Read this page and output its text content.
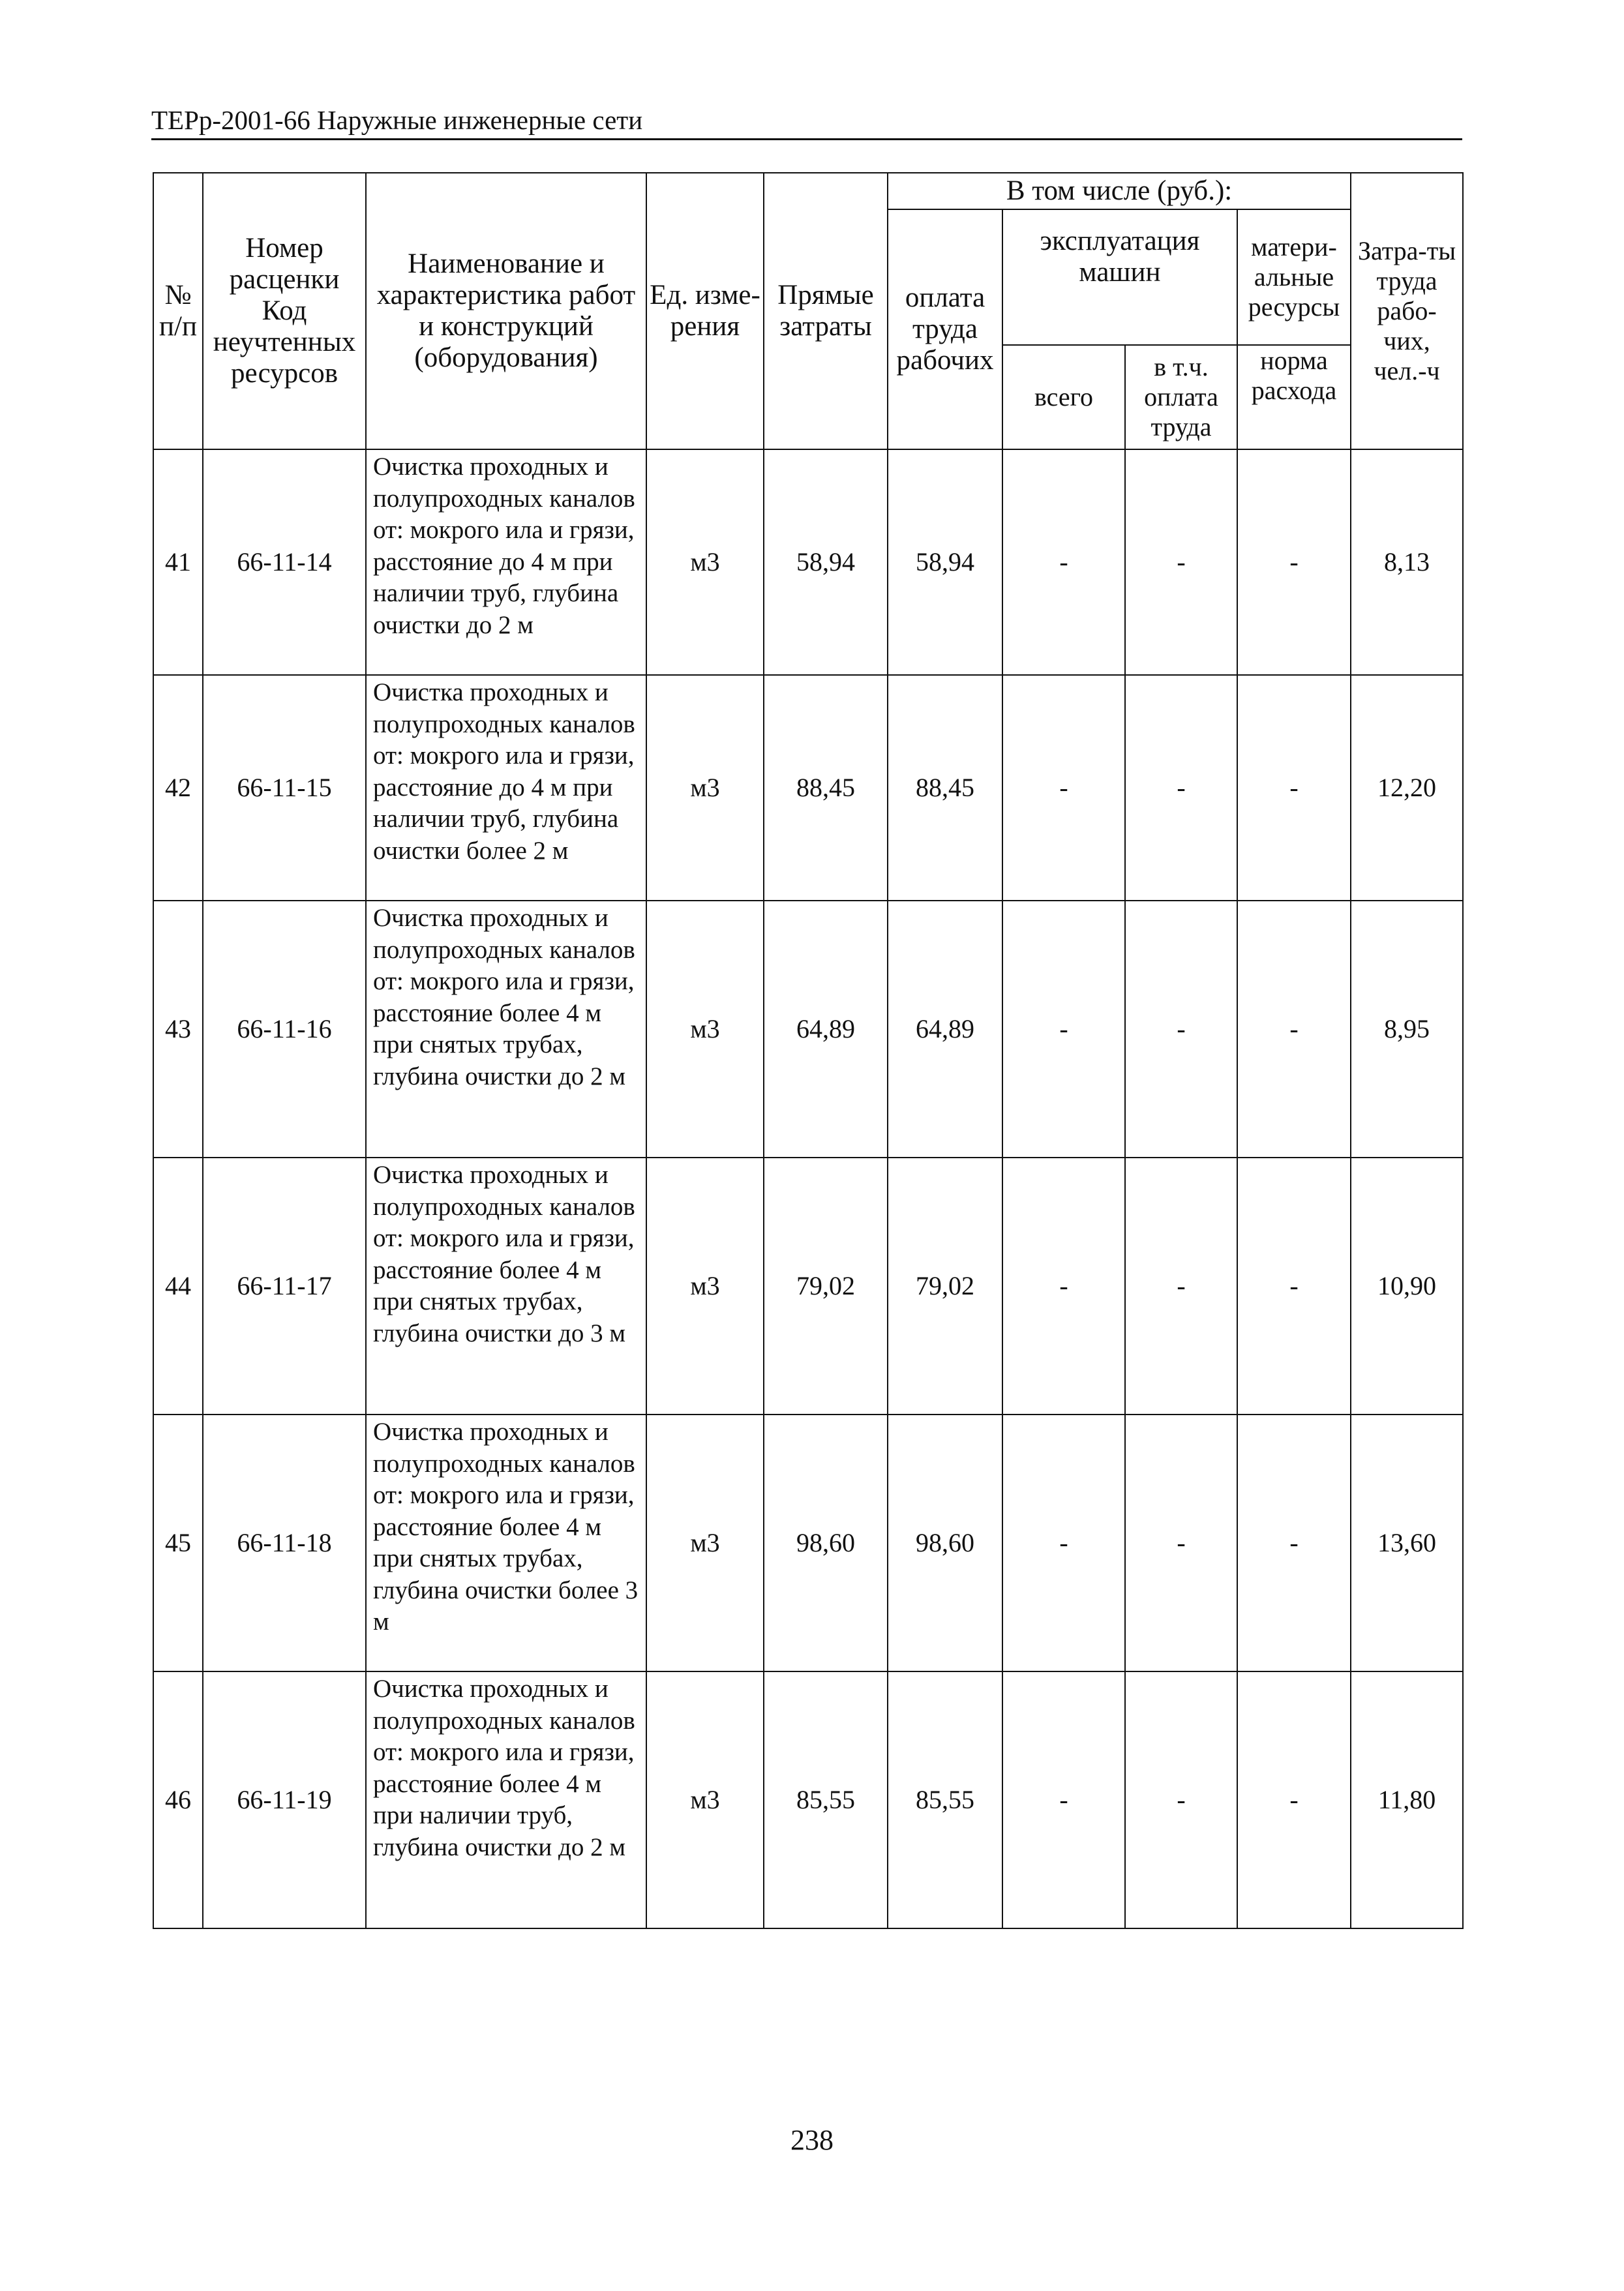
ТЕРр-2001-66 Наружные инженерные сети
№ п/п	Номер расценки Код неучтенных ресурсов	Наименование и характеристика работ и конструкций (оборудования)	Ед. изме-рения	Прямые затраты	В том числе (руб.):				Затра-ты труда рабо-чих, чел.-ч
					оплата труда рабочих	эксплуатация машин		матери-альные ресурсы	
						всего	в т.ч. оплата труда	норма расхода	
41	66-11-14	Очистка проходных и полупроходных каналов от: мокрого ила и грязи, расстояние до 4 м при наличии труб, глубина очистки до 2 м	м3	58,94	58,94	-	-	-	8,13
42	66-11-15	Очистка проходных и полупроходных каналов от: мокрого ила и грязи, расстояние до 4 м при наличии труб, глубина очистки более 2 м	м3	88,45	88,45	-	-	-	12,20
43	66-11-16	Очистка проходных и полупроходных каналов от: мокрого ила и грязи, расстояние более 4 м при снятых трубах, глубина очистки до 2 м	м3	64,89	64,89	-	-	-	8,95
44	66-11-17	Очистка проходных и полупроходных каналов от: мокрого ила и грязи, расстояние более 4 м при снятых трубах, глубина очистки до 3 м	м3	79,02	79,02	-	-	-	10,90
45	66-11-18	Очистка проходных и полупроходных каналов от: мокрого ила и грязи, расстояние более 4 м при снятых трубах, глубина очистки более 3 м	м3	98,60	98,60	-	-	-	13,60
46	66-11-19	Очистка проходных и полупроходных каналов от: мокрого ила и грязи, расстояние более 4 м при наличии труб, глубина очистки до 2 м	м3	85,55	85,55	-	-	-	11,80
238
